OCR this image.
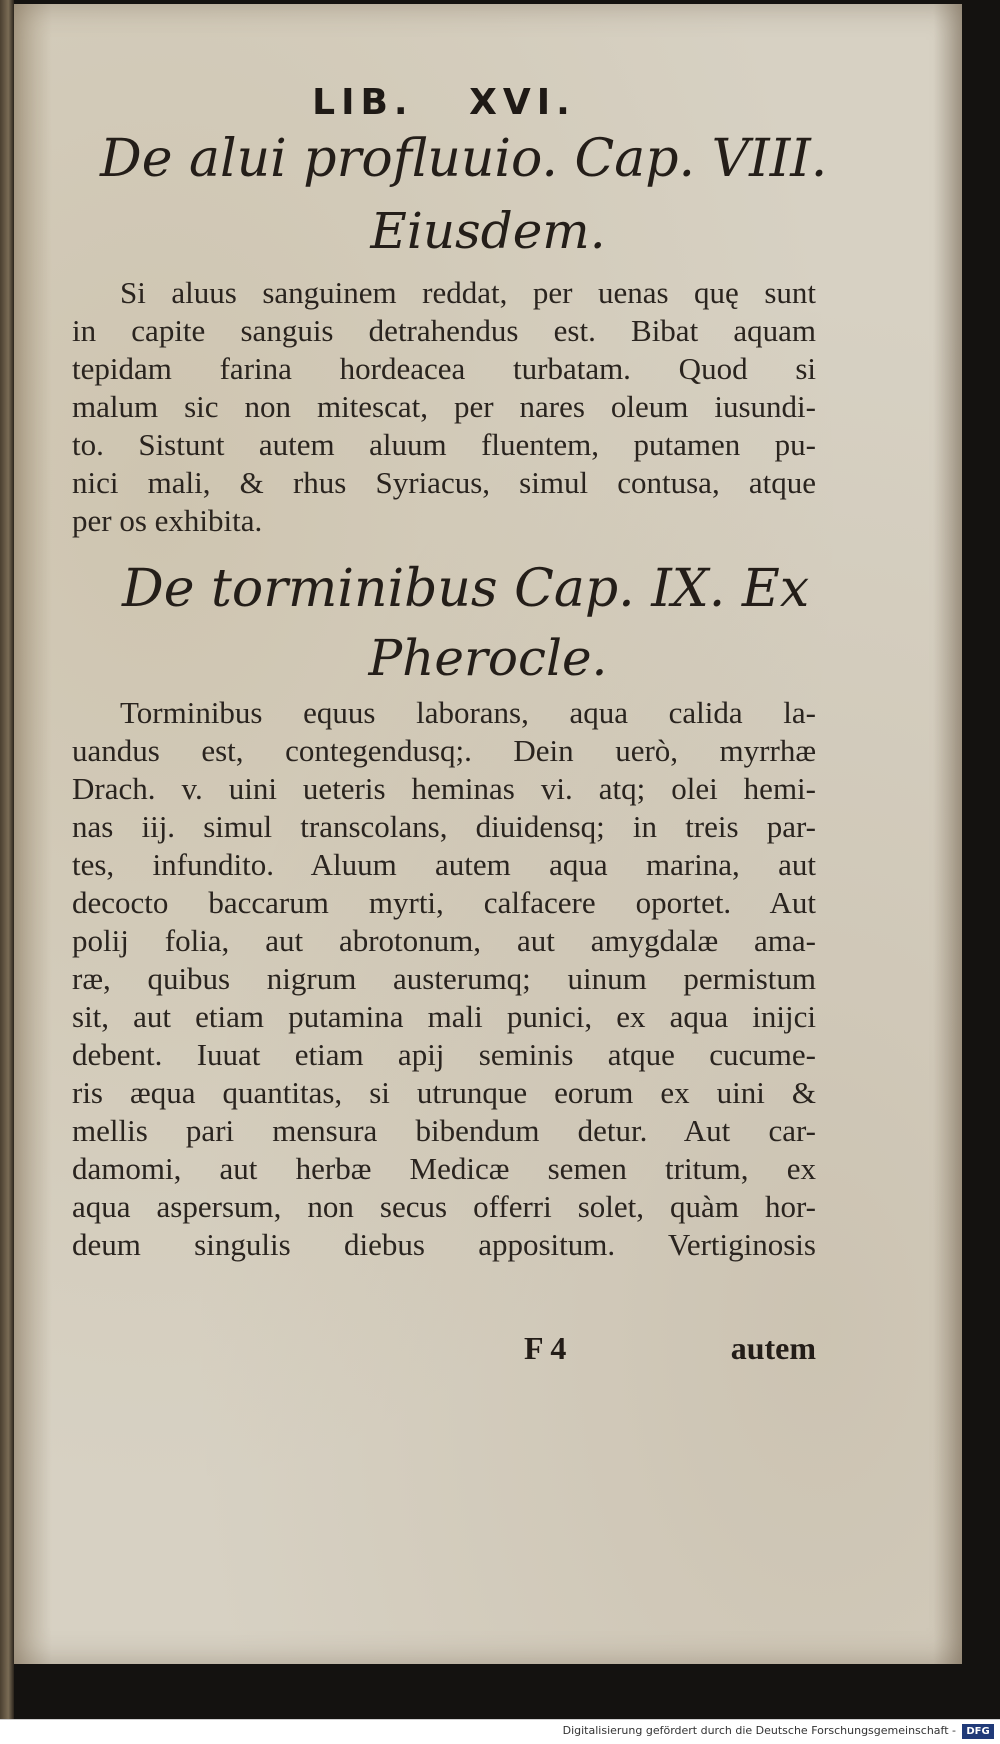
LIB.   XVI.
De alui profluuio. Cap. VIII.
Eiusdem.
Si aluus sanguinem reddat, per uenas quę sunt
in capite sanguis detrahendus est. Bibat aquam
tepidam farina hordeacea turbatam. Quod si
malum sic non mitescat, per nares oleum iusundi-
to. Sistunt autem aluum fluentem, putamen pu-
nici mali, & rhus Syriacus, simul contusa, atque
per os exhibita.
De torminibus Cap. IX. Ex
Pherocle.
Torminibus equus laborans, aqua calida la-
uandus est, contegendusq;. Dein uerò, myrrhæ
Drach. v. uini ueteris heminas vi. atq; olei hemi-
nas iij. simul transcolans, diuidensq; in treis par-
tes, infundito. Aluum autem aqua marina, aut
decocto baccarum myrti, calfacere oportet. Aut
polij folia, aut abrotonum, aut amygdalæ ama-
ræ, quibus nigrum austerumq; uinum permistum
sit, aut etiam putamina mali punici, ex aqua inijci
debent. Iuuat etiam apij seminis atque cucume-
ris æqua quantitas, si utrunque eorum ex uini &
mellis pari mensura bibendum detur. Aut car-
damomi, aut herbæ Medicæ semen tritum, ex
aqua aspersum, non secus offerri solet, quàm hor-
deum singulis diebus appositum. Vertiginosis
F 4	autem
Digitalisierung gefördert durch die Deutsche Forschungsgemeinschaft -	DFG
